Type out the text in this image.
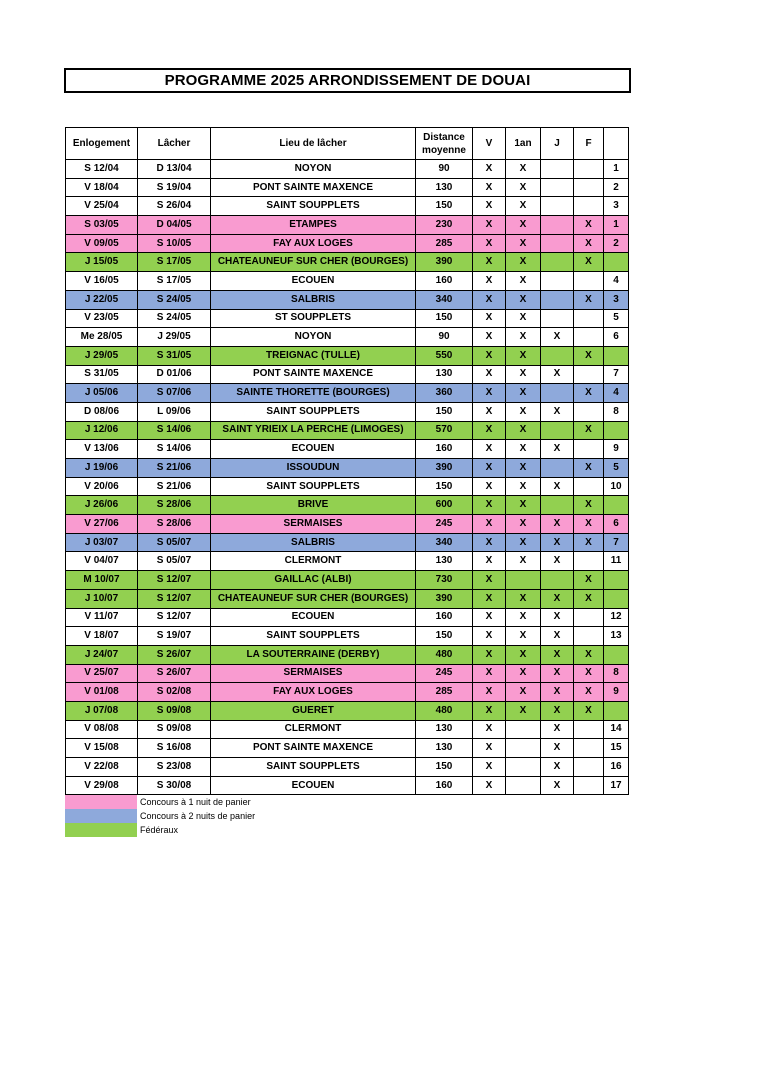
PROGRAMME 2025 ARRONDISSEMENT DE DOUAI
Enlogement	Lâcher	Lieu de lâcher	Distance moyenne	V	1an	J	F	
S 12/04	D 13/04	NOYON	90	X	X			1
V 18/04	S 19/04	PONT SAINTE MAXENCE	130	X	X			2
V 25/04	S 26/04	SAINT SOUPPLETS	150	X	X			3
S 03/05	D 04/05	ETAMPES	230	X	X		X	1
V 09/05	S 10/05	FAY AUX LOGES	285	X	X		X	2
J 15/05	S 17/05	CHATEAUNEUF SUR CHER (BOURGES)	390	X	X		X	
V 16/05	S 17/05	ECOUEN	160	X	X			4
J 22/05	S 24/05	SALBRIS	340	X	X		X	3
V 23/05	S 24/05	ST SOUPPLETS	150	X	X			5
Me 28/05	J 29/05	NOYON	90	X	X	X		6
J 29/05	S 31/05	TREIGNAC (TULLE)	550	X	X		X	
S 31/05	D 01/06	PONT SAINTE MAXENCE	130	X	X	X		7
J 05/06	S 07/06	SAINTE THORETTE (BOURGES)	360	X	X		X	4
D 08/06	L 09/06	SAINT SOUPPLETS	150	X	X	X		8
J 12/06	S 14/06	SAINT YRIEIX LA PERCHE (LIMOGES)	570	X	X		X	
V 13/06	S 14/06	ECOUEN	160	X	X	X		9
J 19/06	S 21/06	ISSOUDUN	390	X	X		X	5
V 20/06	S 21/06	SAINT SOUPPLETS	150	X	X	X		10
J 26/06	S 28/06	BRIVE	600	X	X		X	
V 27/06	S 28/06	SERMAISES	245	X	X	X	X	6
J 03/07	S 05/07	SALBRIS	340	X	X	X	X	7
V 04/07	S 05/07	CLERMONT	130	X	X	X		11
M 10/07	S 12/07	GAILLAC (ALBI)	730	X			X	
J 10/07	S 12/07	CHATEAUNEUF SUR CHER (BOURGES)	390	X	X	X	X	
V 11/07	S 12/07	ECOUEN	160	X	X	X		12
V 18/07	S 19/07	SAINT SOUPPLETS	150	X	X	X		13
J 24/07	S 26/07	LA SOUTERRAINE (DERBY)	480	X	X	X	X	
V 25/07	S 26/07	SERMAISES	245	X	X	X	X	8
V 01/08	S 02/08	FAY AUX LOGES	285	X	X	X	X	9
J 07/08	S 09/08	GUERET	480	X	X	X	X	
V 08/08	S 09/08	CLERMONT	130	X		X		14
V 15/08	S 16/08	PONT SAINTE MAXENCE	130	X		X		15
V 22/08	S 23/08	SAINT SOUPPLETS	150	X		X		16
V 29/08	S 30/08	ECOUEN	160	X		X		17
Concours à 1 nuit de panier
Concours à 2 nuits de panier
Fédéraux
